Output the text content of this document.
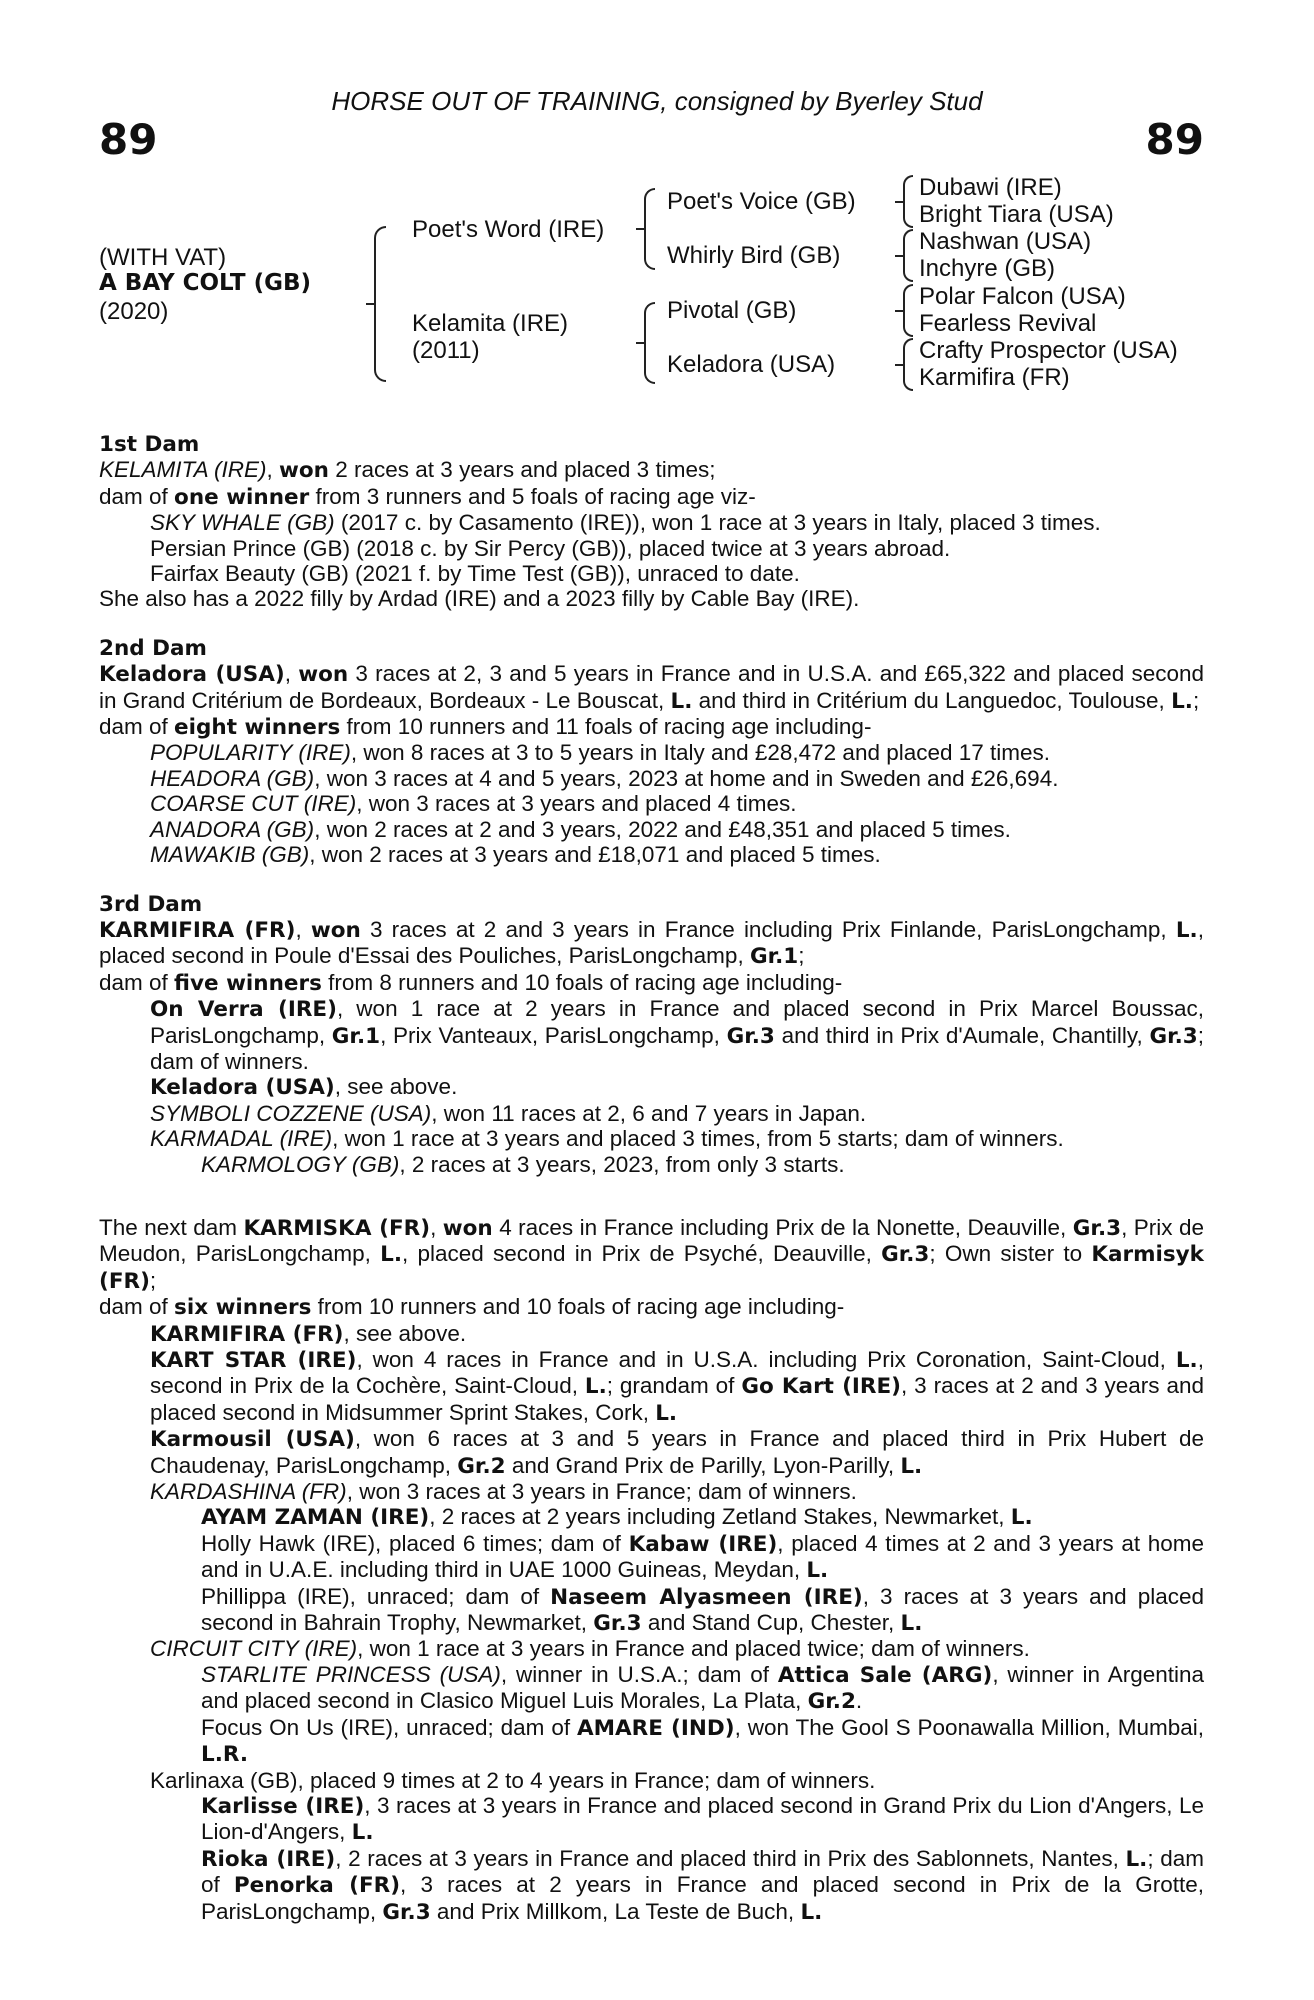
HORSE OUT OF TRAINING, consigned by Byerley Stud
89	89
(WITH VAT)
A BAY COLT (GB)
(2020)
Poet's Word (IRE)
Kelamita (IRE)
(2011)
Poet's Voice (GB)
Whirly Bird (GB)
Pivotal (GB)
Keladora (USA)
Dubawi (IRE)
Bright Tiara (USA)
Nashwan (USA)
Inchyre (GB)
Polar Falcon (USA)
Fearless Revival
Crafty Prospector (USA)
Karmifira (FR)
1st Dam
KELAMITA (IRE), won 2 races at 3 years and placed 3 times;
dam of one winner from 3 runners and 5 foals of racing age viz-
SKY WHALE (GB) (2017 c. by Casamento (IRE)), won 1 race at 3 years in Italy, placed 3 times.
Persian Prince (GB) (2018 c. by Sir Percy (GB)), placed twice at 3 years abroad.
Fairfax Beauty (GB) (2021 f. by Time Test (GB)), unraced to date.
She also has a 2022 filly by Ardad (IRE) and a 2023 filly by Cable Bay (IRE).
2nd Dam
Keladora (USA), won 3 races at 2, 3 and 5 years in France and in U.S.A. and £65,322 and placed second in Grand Critérium de Bordeaux, Bordeaux - Le Bouscat, L. and third in Critérium du Languedoc, Toulouse, L.;
dam of eight winners from 10 runners and 11 foals of racing age including-
POPULARITY (IRE), won 8 races at 3 to 5 years in Italy and £28,472 and placed 17 times.
HEADORA (GB), won 3 races at 4 and 5 years, 2023 at home and in Sweden and £26,694.
COARSE CUT (IRE), won 3 races at 3 years and placed 4 times.
ANADORA (GB), won 2 races at 2 and 3 years, 2022 and £48,351 and placed 5 times.
MAWAKIB (GB), won 2 races at 3 years and £18,071 and placed 5 times.
3rd Dam
KARMIFIRA (FR), won 3 races at 2 and 3 years in France including Prix Finlande, ParisLongchamp, L., placed second in Poule d'Essai des Pouliches, ParisLongchamp, Gr.1;
dam of five winners from 8 runners and 10 foals of racing age including-
On Verra (IRE), won 1 race at 2 years in France and placed second in Prix Marcel Boussac, ParisLongchamp, Gr.1, Prix Vanteaux, ParisLongchamp, Gr.3 and third in Prix d'Aumale, Chantilly, Gr.3; dam of winners.
Keladora (USA), see above.
SYMBOLI COZZENE (USA), won 11 races at 2, 6 and 7 years in Japan.
KARMADAL (IRE), won 1 race at 3 years and placed 3 times, from 5 starts; dam of winners.
KARMOLOGY (GB), 2 races at 3 years, 2023, from only 3 starts.
The next dam KARMISKA (FR), won 4 races in France including Prix de la Nonette, Deauville, Gr.3, Prix de Meudon, ParisLongchamp, L., placed second in Prix de Psyché, Deauville, Gr.3; Own sister to Karmisyk (FR);
dam of six winners from 10 runners and 10 foals of racing age including-
KARMIFIRA (FR), see above.
KART STAR (IRE), won 4 races in France and in U.S.A. including Prix Coronation, Saint-Cloud, L., second in Prix de la Cochère, Saint-Cloud, L.; grandam of Go Kart (IRE), 3 races at 2 and 3 years and placed second in Midsummer Sprint Stakes, Cork, L.
Karmousil (USA), won 6 races at 3 and 5 years in France and placed third in Prix Hubert de Chaudenay, ParisLongchamp, Gr.2 and Grand Prix de Parilly, Lyon-Parilly, L.
KARDASHINA (FR), won 3 races at 3 years in France; dam of winners.
AYAM ZAMAN (IRE), 2 races at 2 years including Zetland Stakes, Newmarket, L.
Holly Hawk (IRE), placed 6 times; dam of Kabaw (IRE), placed 4 times at 2 and 3 years at home and in U.A.E. including third in UAE 1000 Guineas, Meydan, L.
Phillippa (IRE), unraced; dam of Naseem Alyasmeen (IRE), 3 races at 3 years and placed second in Bahrain Trophy, Newmarket, Gr.3 and Stand Cup, Chester, L.
CIRCUIT CITY (IRE), won 1 race at 3 years in France and placed twice; dam of winners.
STARLITE PRINCESS (USA), winner in U.S.A.; dam of Attica Sale (ARG), winner in Argentina and placed second in Clasico Miguel Luis Morales, La Plata, Gr.2.
Focus On Us (IRE), unraced; dam of AMARE (IND), won The Gool S Poonawalla Million, Mumbai, L.R.
Karlinaxa (GB), placed 9 times at 2 to 4 years in France; dam of winners.
Karlisse (IRE), 3 races at 3 years in France and placed second in Grand Prix du Lion d'Angers, Le Lion-d'Angers, L.
Rioka (IRE), 2 races at 3 years in France and placed third in Prix des Sablonnets, Nantes, L.; dam of Penorka (FR), 3 races at 2 years in France and placed second in Prix de la Grotte, ParisLongchamp, Gr.3 and Prix Millkom, La Teste de Buch, L.
